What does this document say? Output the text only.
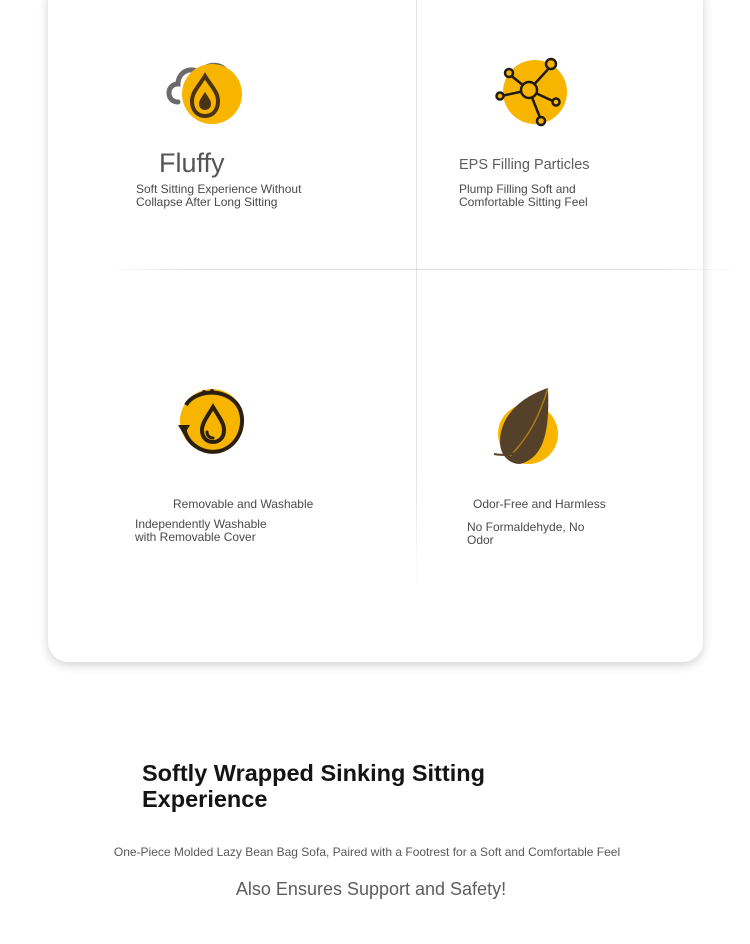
Fluffy
Soft Sitting Experience Without Collapse After Long Sitting
EPS Filling Particles
Plump Filling Soft and Comfortable Sitting Feel
Removable and Washable
Independently Washable with Removable Cover
Odor-Free and Harmless
No Formaldehyde, No Odor
Softly Wrapped Sinking Sitting Experience
One-Piece Molded Lazy Bean Bag Sofa, Paired with a Footrest for a Soft and Comfortable Feel
Also Ensures Support and Safety!
